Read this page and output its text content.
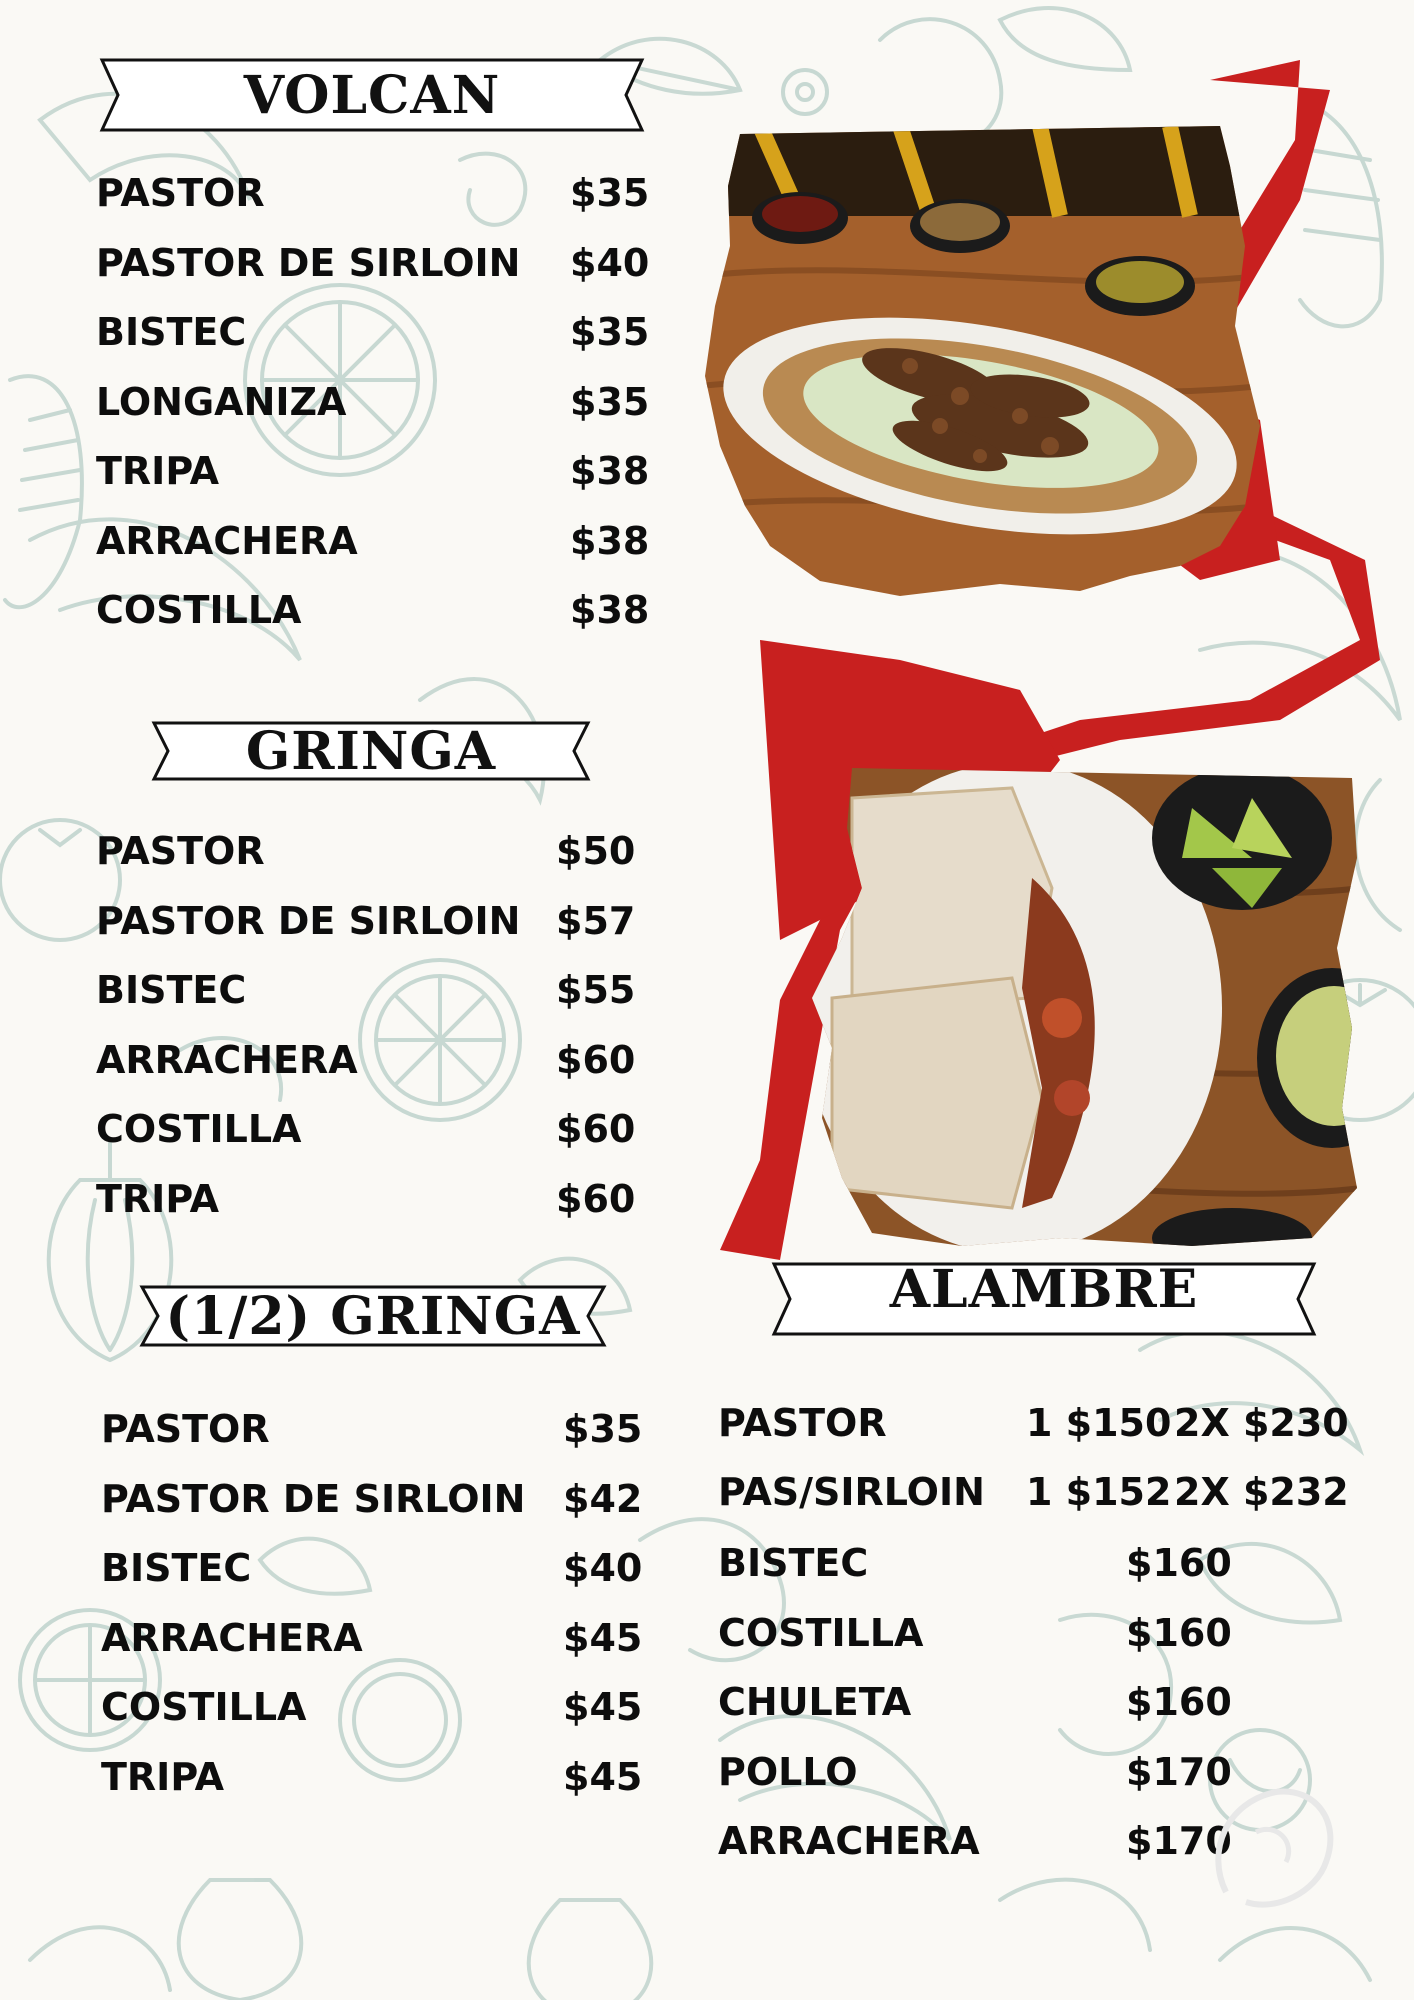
VOLCAN
PASTOR	$35
PASTOR DE SIRLOIN $40
BISTEC	$35
LONGANIZA	$35
TRIPA	$38
ARRACHERA	$38
COSTILLA	$38
GRINGA
PASTOR	$50
PASTOR DE SIRLOIN $57
BISTEC	$55
ARRACHERA	$60
COSTILLA	$60
TRIPA	$60
(1/2) GRINGA
PASTOR	$35
PASTOR DE SIRLOIN $42
BISTEC	$40
ARRACHERA	$45
COSTILLA	$45
TRIPA	$45
ALAMBRE
PASTOR	1 $150 2X $230
PAS/SIRLOIN 1 $152 2X $232
BISTEC	$160
COSTILLA	$160
CHULETA	$160
POLLO	$170
ARRACHERA	$170
